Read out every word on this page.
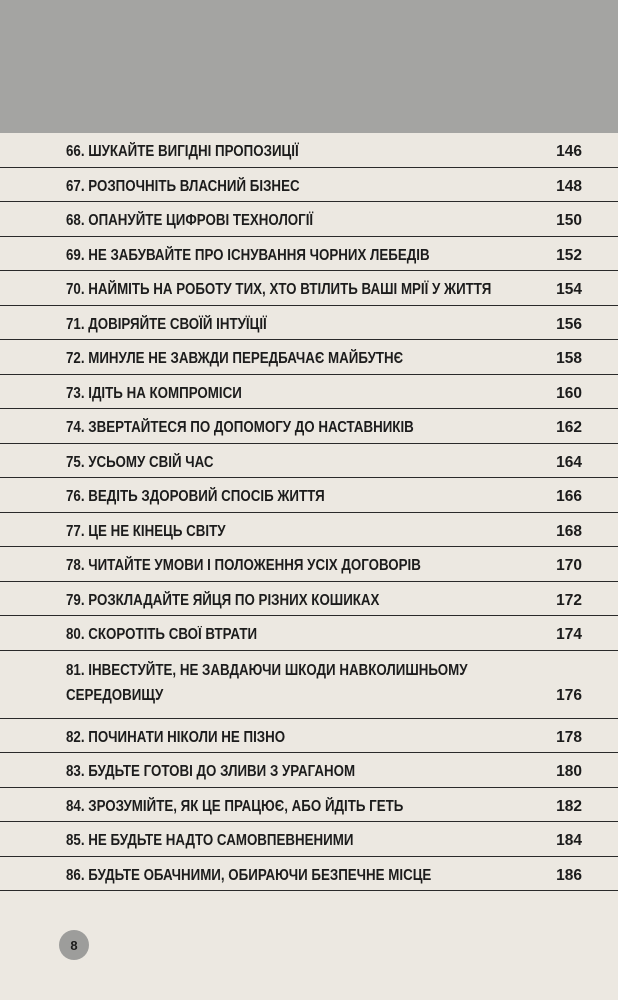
66. ШУКАЙТЕ ВИГІДНІ ПРОПОЗИЦІЇ	146
67. РОЗПОЧНІТЬ ВЛАСНИЙ БІЗНЕС	148
68. ОПАНУЙТЕ ЦИФРОВІ ТЕХНОЛОГІЇ	150
69. НЕ ЗАБУВАЙТЕ ПРО ІСНУВАННЯ ЧОРНИХ ЛЕБЕДІВ	152
70. НАЙМІТЬ НА РОБОТУ ТИХ, ХТО ВТІЛИТЬ ВАШІ МРІЇ У ЖИТТЯ	154
71. ДОВІРЯЙТЕ СВОЇЙ ІНТУЇЦІЇ	156
72. МИНУЛЕ НЕ ЗАВЖДИ ПЕРЕДБАЧАЄ МАЙБУТНЄ	158
73. ІДІТЬ НА КОМПРОМІСИ	160
74. ЗВЕРТАЙТЕСЯ ПО ДОПОМОГУ ДО НАСТАВНИКІВ	162
75. УСЬОМУ СВІЙ ЧАС	164
76. ВЕДІТЬ ЗДОРОВИЙ СПОСІБ ЖИТТЯ	166
77. ЦЕ НЕ КІНЕЦЬ СВІТУ	168
78. ЧИТАЙТЕ УМОВИ І ПОЛОЖЕННЯ УСІХ ДОГОВОРІВ	170
79. РОЗКЛАДАЙТЕ ЯЙЦЯ ПО РІЗНИХ КОШИКАХ	172
80. СКОРОТІТЬ СВОЇ ВТРАТИ	174
81. ІНВЕСТУЙТЕ, НЕ ЗАВДАЮЧИ ШКОДИ НАВКОЛИШНЬОМУ СЕРЕДОВИЩУ	176
82. ПОЧИНАТИ НІКОЛИ НЕ ПІЗНО	178
83. БУДЬТЕ ГОТОВІ ДО ЗЛИВИ З УРАГАНОМ	180
84. ЗРОЗУМІЙТЕ, ЯК ЦЕ ПРАЦЮЄ, АБО ЙДІТЬ ГЕТЬ	182
85. НЕ БУДЬТЕ НАДТО САМОВПЕВНЕНИМИ	184
86. БУДЬТЕ ОБАЧНИМИ, ОБИРАЮЧИ БЕЗПЕЧНЕ МІСЦЕ	186
8
